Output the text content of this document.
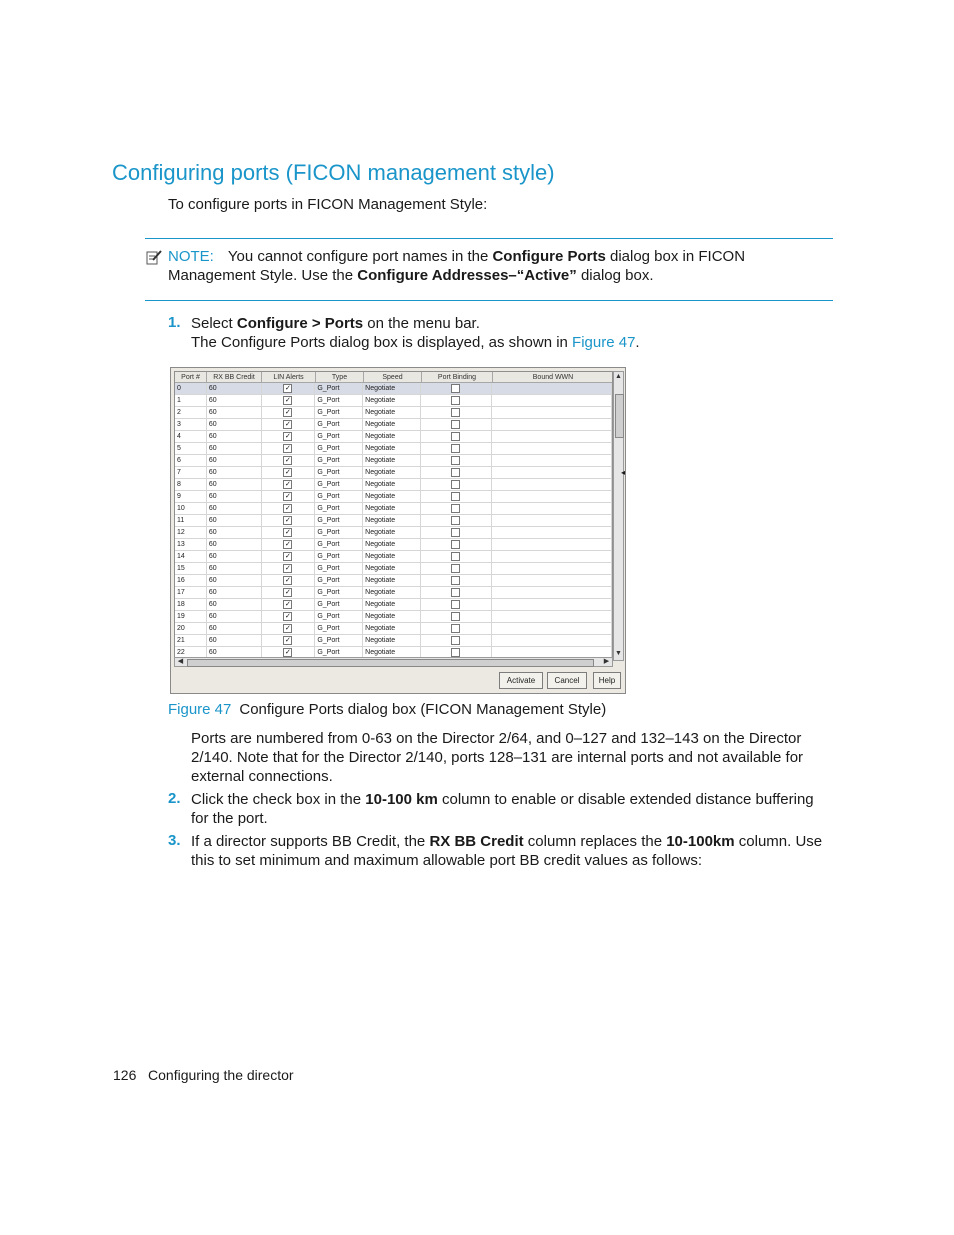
Configuring ports (FICON management style)
To configure ports in FICON Management Style:
NOTE: You cannot configure port names in the Configure Ports dialog box in FICON Management Style. Use the Configure Addresses–“Active” dialog box.
1. Select Configure > Ports on the menu bar.
The Configure Ports dialog box is displayed, as shown in Figure 47.
Port #	RX BB Credit	LIN Alerts	Type	Speed	Port Binding	Bound WWN
0	60	✓	G_Port	Negotiate
1	60	✓	G_Port	Negotiate
2	60	✓	G_Port	Negotiate
3	60	✓	G_Port	Negotiate
4	60	✓	G_Port	Negotiate
5	60	✓	G_Port	Negotiate
6	60	✓	G_Port	Negotiate
7	60	✓	G_Port	Negotiate
8	60	✓	G_Port	Negotiate
9	60	✓	G_Port	Negotiate
10	60	✓	G_Port	Negotiate
11	60	✓	G_Port	Negotiate
12	60	✓	G_Port	Negotiate
13	60	✓	G_Port	Negotiate
14	60	✓	G_Port	Negotiate
15	60	✓	G_Port	Negotiate
16	60	✓	G_Port	Negotiate
17	60	✓	G_Port	Negotiate
18	60	✓	G_Port	Negotiate
19	60	✓	G_Port	Negotiate
20	60	✓	G_Port	Negotiate
21	60	✓	G_Port	Negotiate
22	60	✓	G_Port	Negotiate
▲
▼
◀	▶
◂
Activate	Cancel	Help
Figure 47 Configure Ports dialog box (FICON Management Style)
Ports are numbered from 0-63 on the Director 2/64, and 0–127 and 132–143 on the Director 2/140. Note that for the Director 2/140, ports 128–131 are internal ports and not available for external connections.
2. Click the check box in the 10-100 km column to enable or disable extended distance buffering for the port.
3. If a director supports BB Credit, the RX BB Credit column replaces the 10-100km column. Use this to set minimum and maximum allowable port BB credit values as follows:
126 Configuring the director
